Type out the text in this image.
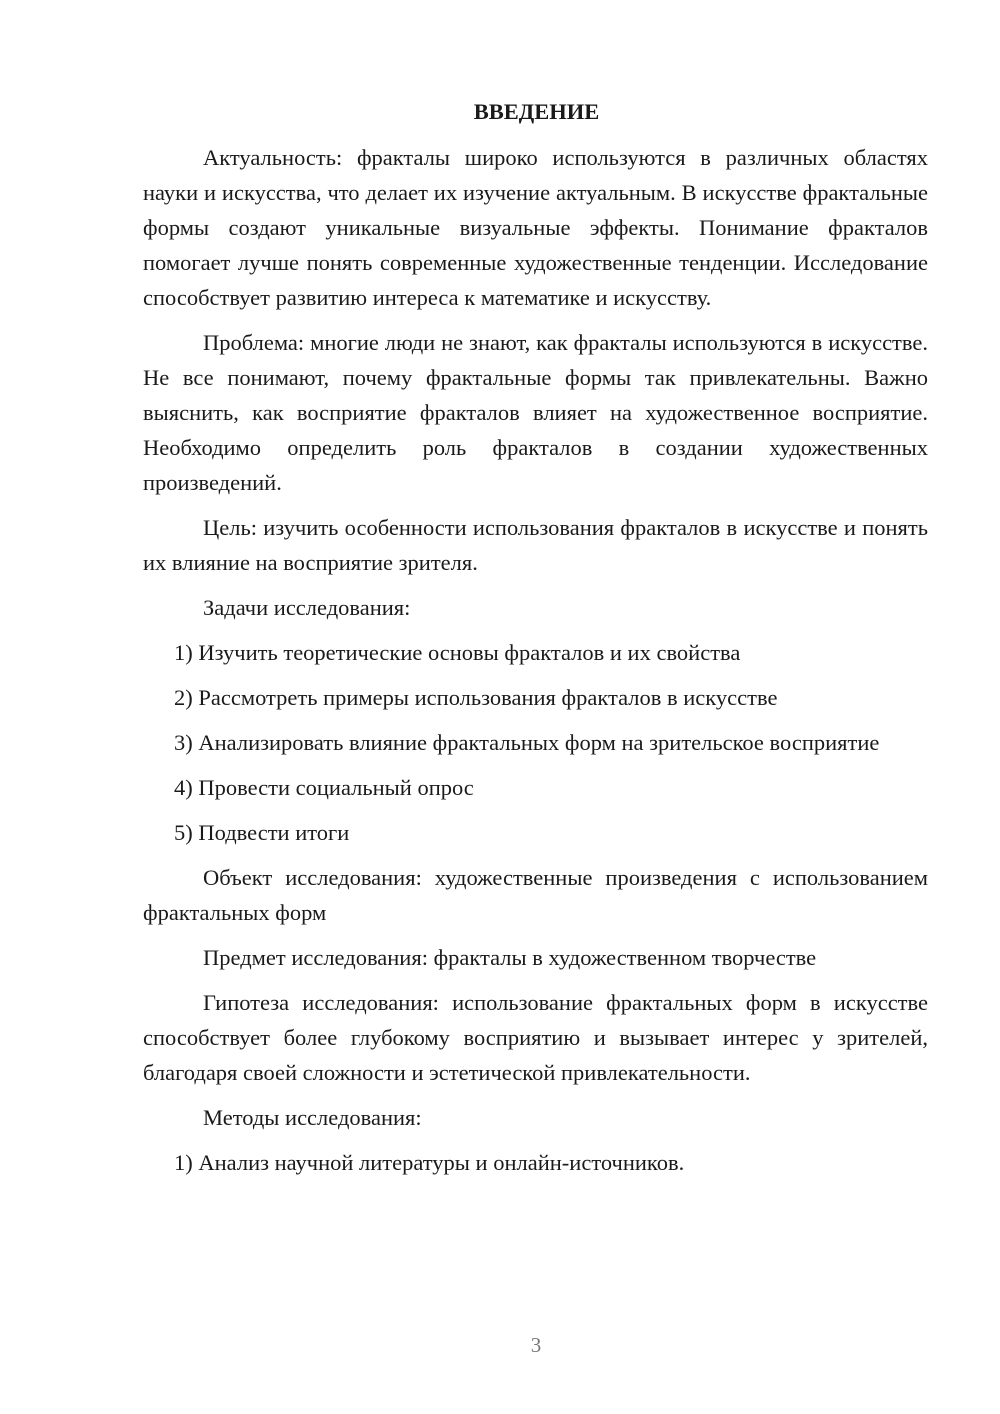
ВВЕДЕНИЕ

Актуальность: фракталы широко используются в различных областях науки и искусства, что делает их изучение актуальным. В искусстве фрактальные формы создают уникальные визуальные эффекты. Понимание фракталов помогает лучше понять современные художественные тенденции. Исследование способствует развитию интереса к математике и искусству.

Проблема: многие люди не знают, как фракталы используются в искусстве. Не все понимают, почему фрактальные формы так привлекательны. Важно выяснить, как восприятие фракталов влияет на художественное восприятие. Необходимо определить роль фракталов в создании художественных произведений.

Цель: изучить особенности использования фракталов в искусстве и понять их влияние на восприятие зрителя.

Задачи исследования:

1) Изучить теоретические основы фракталов и их свойства

2) Рассмотреть примеры использования фракталов в искусстве

3) Анализировать влияние фрактальных форм на зрительское восприятие

4) Провести социальный опрос

5) Подвести итоги

Объект исследования: художественные произведения с использованием фрактальных форм

Предмет исследования: фракталы в художественном творчестве

Гипотеза исследования: использование фрактальных форм в искусстве способствует более глубокому восприятию и вызывает интерес у зрителей, благодаря своей сложности и эстетической привлекательности.

Методы исследования:

1) Анализ научной литературы и онлайн-источников.

3
